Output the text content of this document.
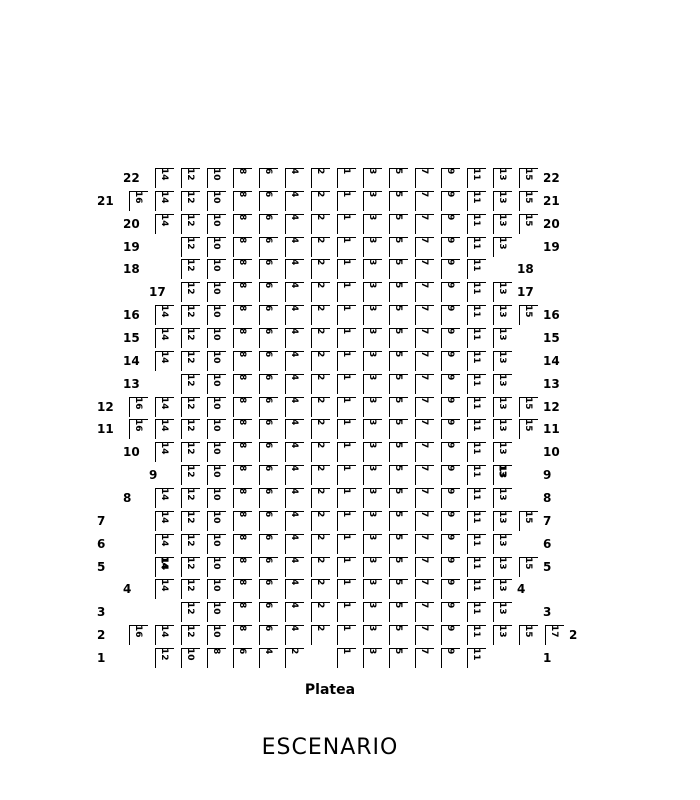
22	22
14 12 10 8 6 4 2 1 3 5 7 9 11 13 15
21	21
16 14 12 10 8 6 4 2 1 3 5 7 9 11 13 15
20	20
14 12 10 8 6 4 2 1 3 5 7 9 11 13 15
19	19
12 10 8 6 4 2 1 3 5 7 9 11 13
18	18
12 10 8 6 4 2 1 3 5 7 9 11
17	17
12 10 8 6 4 2 1 3 5 7 9 11 13
16	16
14 12 10 8 6 4 2 1 3 5 7 9 11 13 15
15	15
14 12 10 8 6 4 2 1 3 5 7 9 11 13
14	14
14 12 10 8 6 4 2 1 3 5 7 9 11 13
13	13
12 10 8 6 4 2 1 3 5 7 9 11 13
12	12
16 14 12 10 8 6 4 2 1 3 5 7 9 11 13 15
11	11
16 14 12 10 8 6 4 2 1 3 5 7 9 11 13 15
10	10
14 12 10 8 6 4 2 1 3 5 7 9 11 13
9	9
12 10 8 6 4 2 1 3 5 7 9 11 13
8	8
14 12 10 8 6 4 2 1 3 5 7 9 11 13
7	7
14 12 10 8 6 4 2 1 3 5 7 9 11 13 15
6	6
14 12 10 8 6 4 2 1 3 5 7 9 11 13
5	5
14 12 10 8 6 4 2 1 3 5 7 9 11 13 15
4	4
14 12 10 8 6 4 2 1 3 5 7 9 11 13
3	3
12 10 8 6 4 2 1 3 5 7 9 11 13
2	2
16 14 12 10 8 6 4 2 1 3 5 7 9 11 13 15 17
1	1
12 10 8 6 4 2	1 3 5 7 9 11
Platea
ESCENARIO
